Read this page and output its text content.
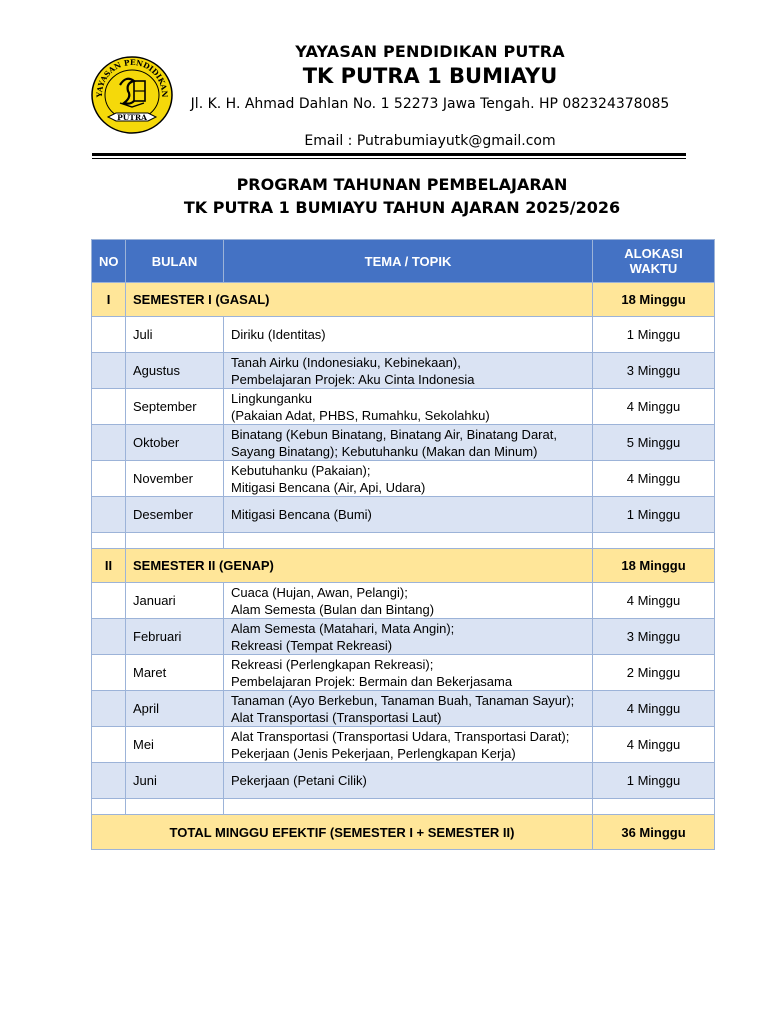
YAYASAN PENDIDIKAN
PUTRA
YAYASAN PENDIDIKAN PUTRA
TK PUTRA 1 BUMIAYU
Jl. K. H. Ahmad Dahlan No. 1 52273 Jawa Tengah. HP 082324378085
Email : Putrabumiayutk@gmail.com
PROGRAM TAHUNAN PEMBELAJARAN
TK PUTRA 1 BUMIAYU TAHUN AJARAN 2025/2026
NO	BULAN	TEMA / TOPIK	ALOKASI
WAKTU

I	SEMESTER I (GASAL)		18 Minggu
	Juli	Diriku (Identitas)	1 Minggu
	Agustus	Tanah Airku (Indonesiaku, Kebinekaan),
Pembelajaran Projek: Aku Cinta Indonesia	3 Minggu
	September	Lingkunganku
(Pakaian Adat, PHBS, Rumahku, Sekolahku)	4 Minggu
	Oktober	Binatang (Kebun Binatang, Binatang Air, Binatang Darat,
Sayang Binatang); Kebutuhanku (Makan dan Minum)	5 Minggu
	November	Kebutuhanku (Pakaian);
Mitigasi Bencana (Air, Api, Udara)	4 Minggu
	Desember	Mitigasi Bencana (Bumi)	1 Minggu

II	SEMESTER II (GENAP)		18 Minggu
	Januari	Cuaca (Hujan, Awan, Pelangi);
Alam Semesta (Bulan dan Bintang)	4 Minggu
	Februari	Alam Semesta (Matahari, Mata Angin);
Rekreasi (Tempat Rekreasi)	3 Minggu
	Maret	Rekreasi (Perlengkapan Rekreasi);
Pembelajaran Projek: Bermain dan Bekerjasama	2 Minggu
	April	Tanaman (Ayo Berkebun, Tanaman Buah, Tanaman Sayur);
Alat Transportasi (Transportasi Laut)	4 Minggu
	Mei	Alat Transportasi (Transportasi Udara, Transportasi Darat);
Pekerjaan (Jenis Pekerjaan, Perlengkapan Kerja)	4 Minggu
	Juni	Pekerjaan (Petani Cilik)	1 Minggu

TOTAL MINGGU EFEKTIF (SEMESTER I + SEMESTER II)			36 Minggu
